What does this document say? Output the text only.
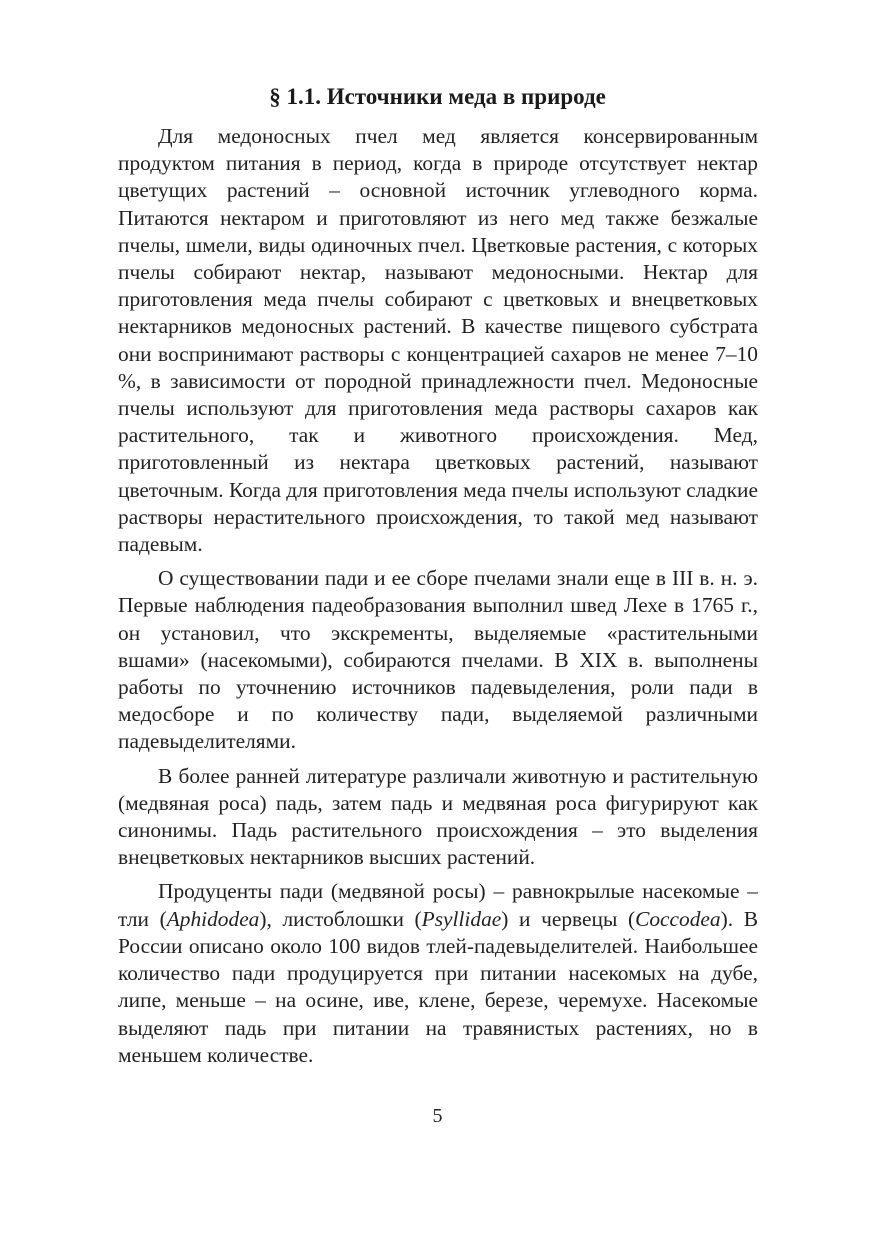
§ 1.1. Источники меда в природе

Для медоносных пчел мед является консервированным продуктом питания в период, когда в природе отсутствует нектар цветущих растений – основной источник углеводного корма. Питаются нектаром и приготовляют из него мед также безжалые пчелы, шмели, виды одиночных пчел. Цветковые растения, с которых пчелы собирают нектар, называют медоносными. Нектар для приготовления меда пчелы собирают с цветковых и внецветковых нектарников медоносных растений. В качестве пищевого субстрата они воспринимают растворы с концентрацией сахаров не менее 7–10 %, в зависимости от породной принадлежности пчел. Медоносные пчелы используют для приготовления меда растворы сахаров как растительного, так и животного происхождения. Мед, приготовленный из нектара цветковых растений, называют цветочным. Когда для приготовления меда пчелы используют сладкие растворы нерастительного происхождения, то такой мед называют падевым.

О существовании пади и ее сборе пчелами знали еще в III в. н. э. Первые наблюдения падеобразования выполнил швед Лехе в 1765 г., он установил, что экскременты, выделяемые «растительными вшами» (насекомыми), собираются пчелами. В XIX в. выполнены работы по уточнению источников падевыделения, роли пади в медосборе и по количеству пади, выделяемой различными падевыделителями.

В более ранней литературе различали животную и растительную (медвяная роса) падь, затем падь и медвяная роса фигурируют как синонимы. Падь растительного происхождения – это выделения внецветковых нектарников высших растений.

Продуценты пади (медвяной росы) – равнокрылые насекомые – тли (Aphidodea), листоблошки (Psyllidae) и червецы (Coccodea). В России описано около 100 видов тлей-падевыделителей. Наибольшее количество пади продуцируется при питании насекомых на дубе, липе, меньше – на осине, иве, клене, березе, черемухе. Насекомые выделяют падь при питании на травянистых растениях, но в меньшем количестве.

5
